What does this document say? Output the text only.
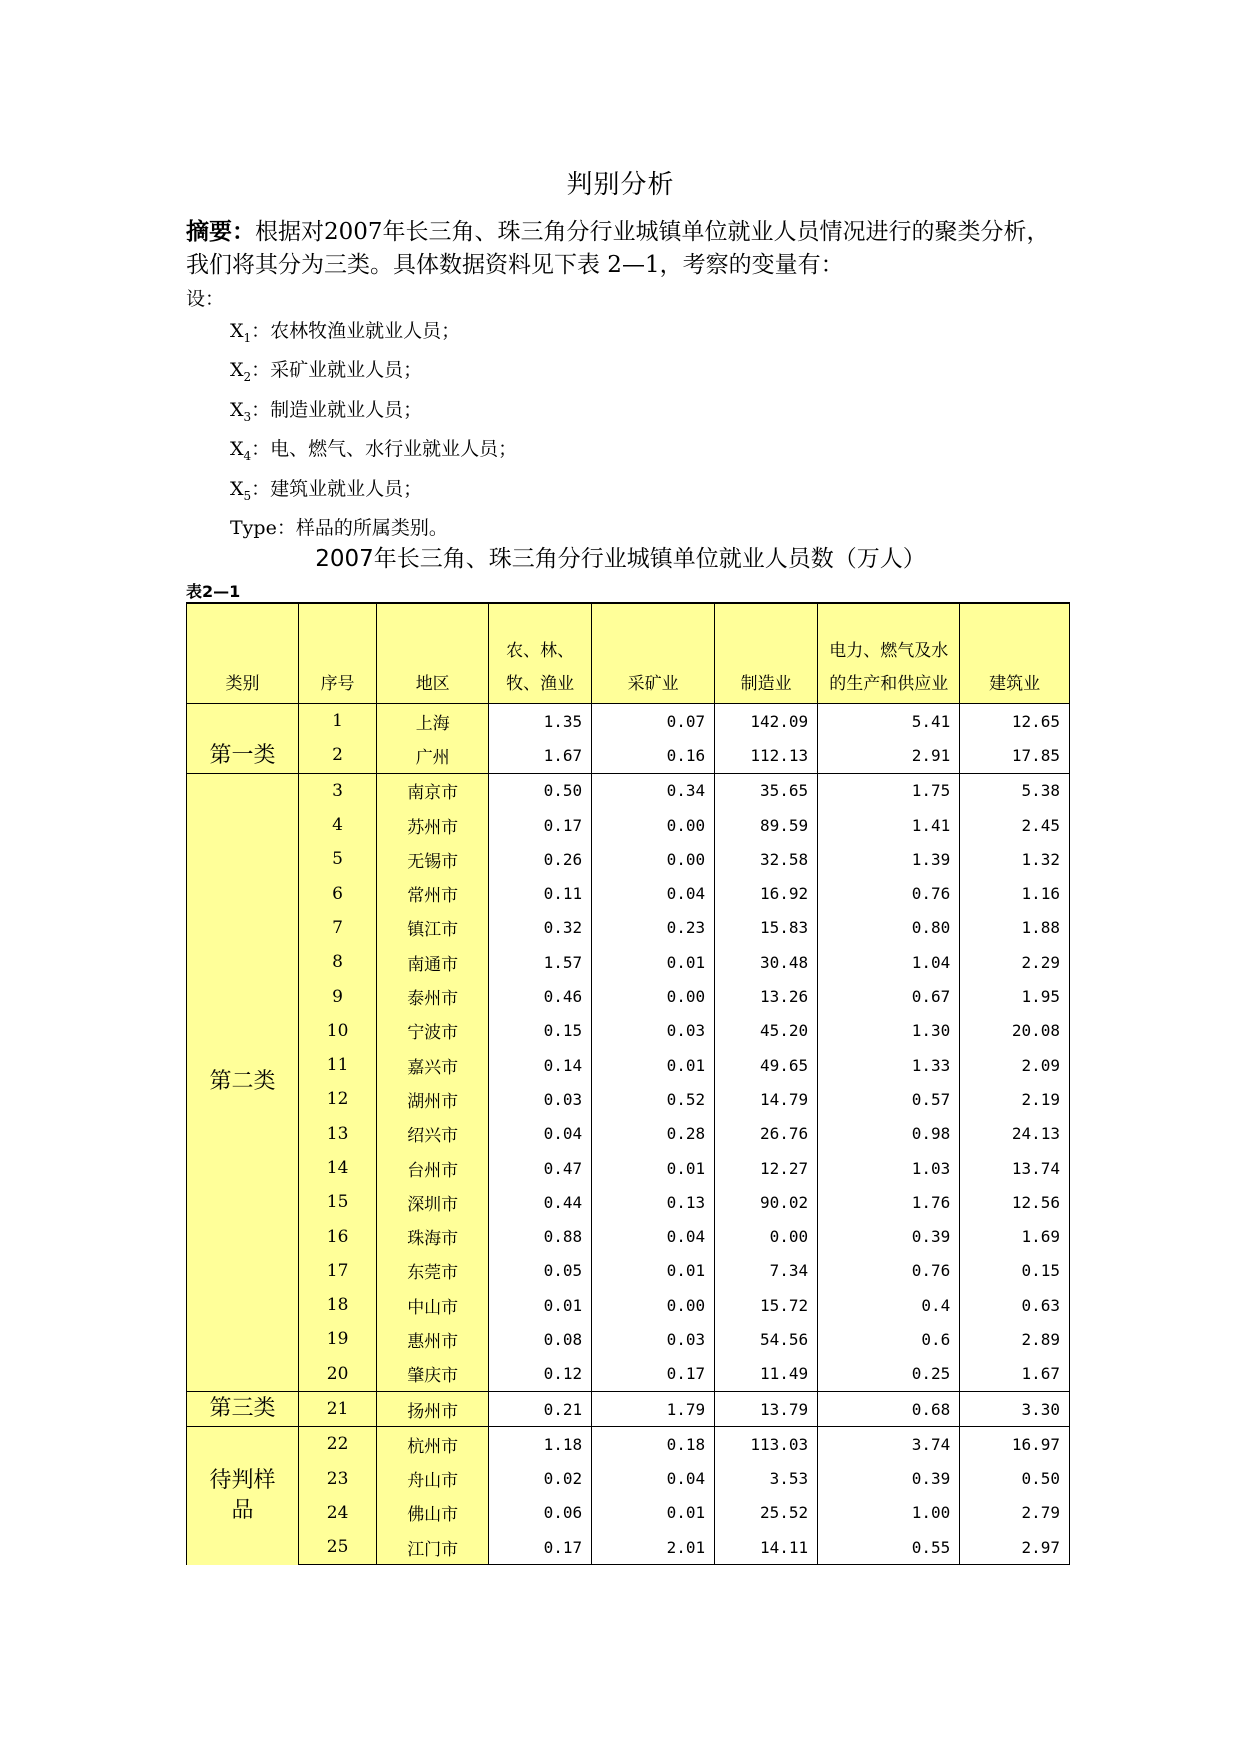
判别分析
摘要：根据对2007年长三角、珠三角分行业城镇单位就业人员情况进行的聚类分析，我们将其分为三类。具体数据资料见下表 2—1，考察的变量有：
设：
$X_1$：农林牧渔业就业人员；
$X_2$：采矿业就业人员；
$X_3$：制造业就业人员；
$X_4$：电、燃气、水行业就业人员；
$X_5$：建筑业就业人员；
Type：样品的所属类别。
2007年长三角、珠三角分行业城镇单位就业人员数（万人）
表2—1
类别	序号	地区	农、林、牧、渔业	采矿业	制造业	电力、燃气及水的生产和供应业	建筑业

第一类	1	上海	1.35	0.07	142.09	5.41	12.65
	2	广州	1.67	0.16	112.13	2.91	17.85

第二类	3	南京市	0.50	0.34	35.65	1.75	5.38
	4	苏州市	0.17	0.00	89.59	1.41	2.45
	5	无锡市	0.26	0.00	32.58	1.39	1.32
	6	常州市	0.11	0.04	16.92	0.76	1.16
	7	镇江市	0.32	0.23	15.83	0.80	1.88
	8	南通市	1.57	0.01	30.48	1.04	2.29
	9	泰州市	0.46	0.00	13.26	0.67	1.95
	10	宁波市	0.15	0.03	45.20	1.30	20.08
	11	嘉兴市	0.14	0.01	49.65	1.33	2.09
	12	湖州市	0.03	0.52	14.79	0.57	2.19
	13	绍兴市	0.04	0.28	26.76	0.98	24.13
	14	台州市	0.47	0.01	12.27	1.03	13.74
	15	深圳市	0.44	0.13	90.02	1.76	12.56
	16	珠海市	0.88	0.04	0.00	0.39	1.69
	17	东莞市	0.05	0.01	7.34	0.76	0.15
	18	中山市	0.01	0.00	15.72	0.4	0.63
	19	惠州市	0.08	0.03	54.56	0.6	2.89
	20	肇庆市	0.12	0.17	11.49	0.25	1.67

第三类	21	扬州市	0.21	1.79	13.79	0.68	3.30

待判样品	22	杭州市	1.18	0.18	113.03	3.74	16.97
	23	舟山市	0.02	0.04	3.53	0.39	0.50
	24	佛山市	0.06	0.01	25.52	1.00	2.79
	25	江门市	0.17	2.01	14.11	0.55	2.97
